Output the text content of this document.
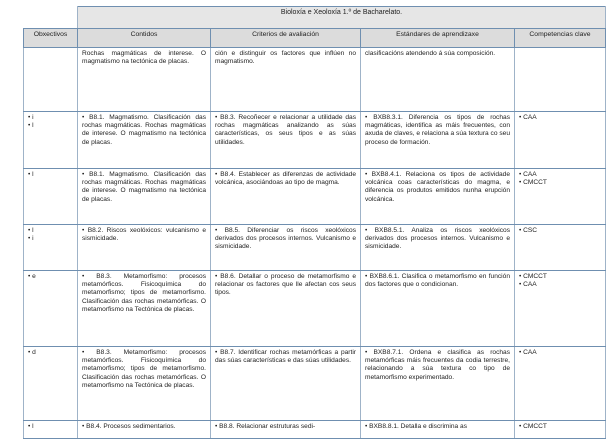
	Bioloxía e Xeoloxía 1.º de Bacharelato.			
Obxectivos	Contidos	Criterios de avaliación	Estándares de aprendizaxe	Competencias clave

	Rochas magmáticas de interese. O magmatismo na tectónica de placas.	ción e distinguir os factores que inflúen no magmatismo.	clasificacións atendendo á súa composición.	

• i
• l	• B8.1. Magmatismo. Clasificación das rochas magmáticas. Rochas magmáticas de interese. O magmatismo na tectónica de placas.	• B8.3. Recoñecer e relacionar a utilidade das rochas magmáticas analizando as súas características, os seus tipos e as súas utilidades.	• BXB8.3.1. Diferencia os tipos de rochas magmáticas, identifica as máis frecuentes, con axuda de claves, e relaciona a súa textura co seu proceso de formación.	• CAA

• l	• B8.1. Magmatismo. Clasificación das rochas magmáticas. Rochas magmáticas de interese. O magmatismo na tectónica de placas.	• B8.4. Establecer as diferenzas de actividade volcánica, asociándoas ao tipo de magma.	• BXB8.4.1. Relaciona os tipos de actividade volcánica coas características do magma, e diferencia os produtos emitidos nunha erupción volcánica.	• CAA
• CMCCT

• l
• i	• B8.2. Riscos xeolóxicos: vulcanismo e sismicidade.	• B8.5. Diferenciar os riscos xeolóxicos derivados dos procesos internos. Vulcanismo e sismicidade.	• BXB8.5.1. Analiza os riscos xeolóxicos derivados dos procesos internos. Vulcanismo e sismicidade.	• CSC

• e	• B8.3. Metamorfismo: procesos metamórficos. Fisicoquímica do metamorfismo; tipos de metamorfismo. Clasificación das rochas metamórficas. O metamorfismo na Tectónica de placas.	• B8.6. Detallar o proceso de metamorfismo e relacionar os factores que lle afectan cos seus tipos.	• BXB8.6.1. Clasifica o metamorfismo en función dos factores que o condicionan.	• CMCCT
• CAA

• d	• B8.3. Metamorfismo: procesos metamórficos. Fisicoquímica do metamorfismo; tipos de metamorfismo. Clasificación das rochas metamórficas. O metamorfismo na Tectónica de placas.	• B8.7. Identificar rochas metamórficas a partir das súas características e das súas utilidades.	• BXB8.7.1. Ordena e clasifica as rochas metamórficas máis frecuentes da codia terrestre, relacionando a súa textura co tipo de metamorfismo experimentado.	• CAA

• l	• B8.4. Procesos sedimentarios.	• B8.8. Relacionar estruturas sedi-	• BXB8.8.1. Detalla e discrimina as	• CMCCT
